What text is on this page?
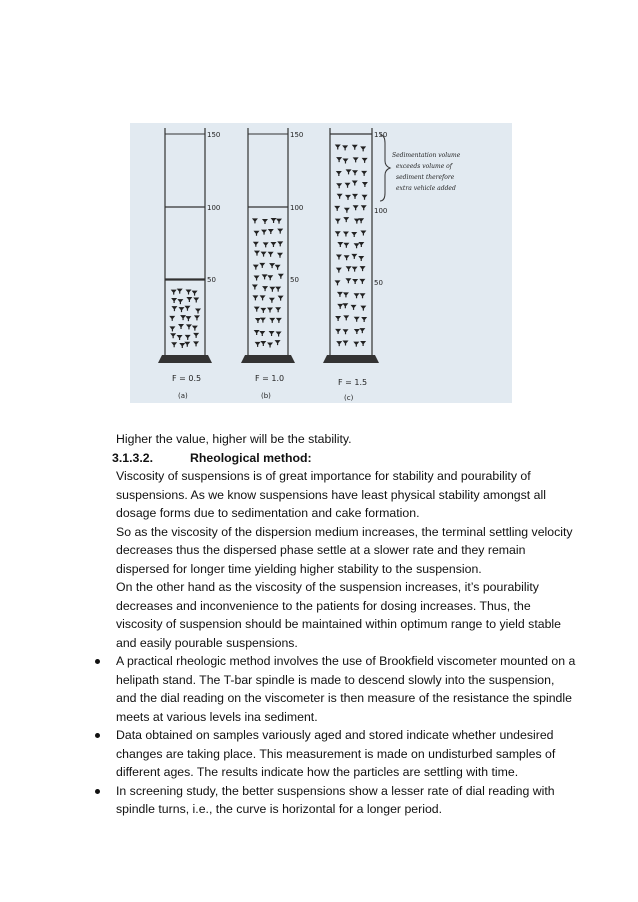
150
100
50
F = 0.5
(a)
150
100
50
F = 1.0
(b)
150
100
50
F = 1.5
(c)
Sedimentation volume
exceeds volume of
sediment therefore
extra vehicle added

Higher the value, higher will be the stability.

3.1.3.2.	Rheological method:

Viscosity of suspensions is of great importance for stability and pourability of suspensions. As we know suspensions have least physical stability amongst all dosage forms due to sedimentation and cake formation.

So as the viscosity of the dispersion medium increases, the terminal settling velocity decreases thus the dispersed phase settle at a slower rate and they remain dispersed for longer time yielding higher stability to the suspension.

On the other hand as the viscosity of the suspension increases, it’s pourability decreases and inconvenience to the patients for dosing increases. Thus, the viscosity of suspension should be maintained within optimum range to yield stable and easily pourable suspensions.

A practical rheologic method involves the use of Brookfield viscometer mounted on a helipath stand. The T-bar spindle is made to descend slowly into the suspension, and the dial reading on the viscometer is then measure of the resistance the spindle meets at various levels ina sediment.

Data obtained on samples variously aged and stored indicate whether undesired changes are taking place. This measurement is made on undisturbed samples of different ages. The results indicate how the particles are settling with time.

In screening study, the better suspensions show a lesser rate of dial reading with spindle turns, i.e., the curve is horizontal for a longer period.
